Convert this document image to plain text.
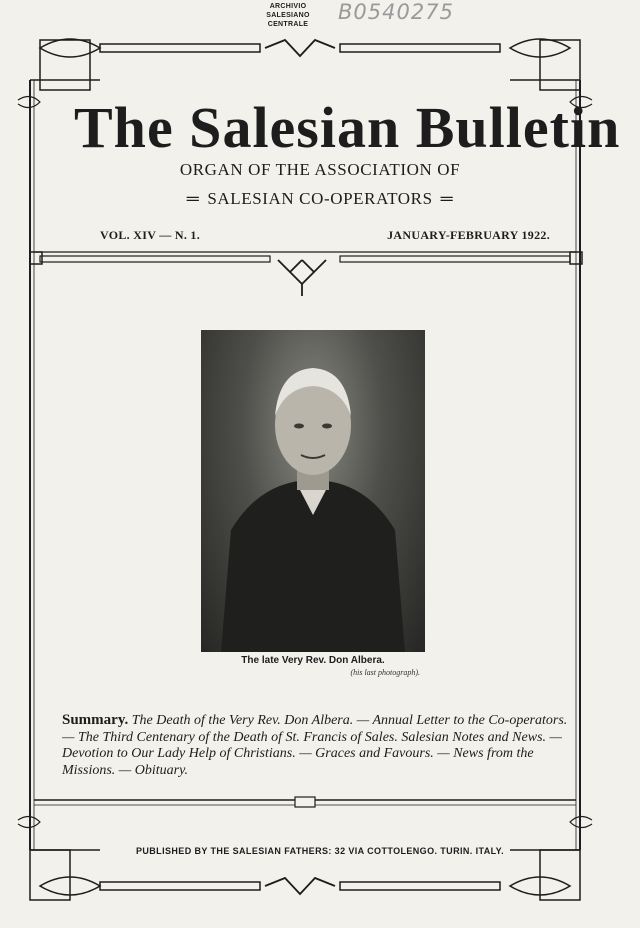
ARCHIVIO SALESIANO
CENTRALE
B0540275
The Salesian Bulletin
ORGAN OF THE ASSOCIATION OF
═ SALESIAN CO-OPERATORS ═
VOL. XIV — N. 1.	JANUARY-FEBRUARY 1922.
The late Very Rev. Don Albera.
(his last photograph).
Summary. The Death of the Very Rev. Don Albera. — Annual Letter to the Co-operators. — The Third Centenary of the Death of St. Francis of Sales. Salesian Notes and News. — Devotion to Our Lady Help of Christians. — Graces and Favours. — News from the Missions. — Obituary.
PUBLISHED BY THE SALESIAN FATHERS: 32 VIA COTTOLENGO. TURIN. ITALY.
